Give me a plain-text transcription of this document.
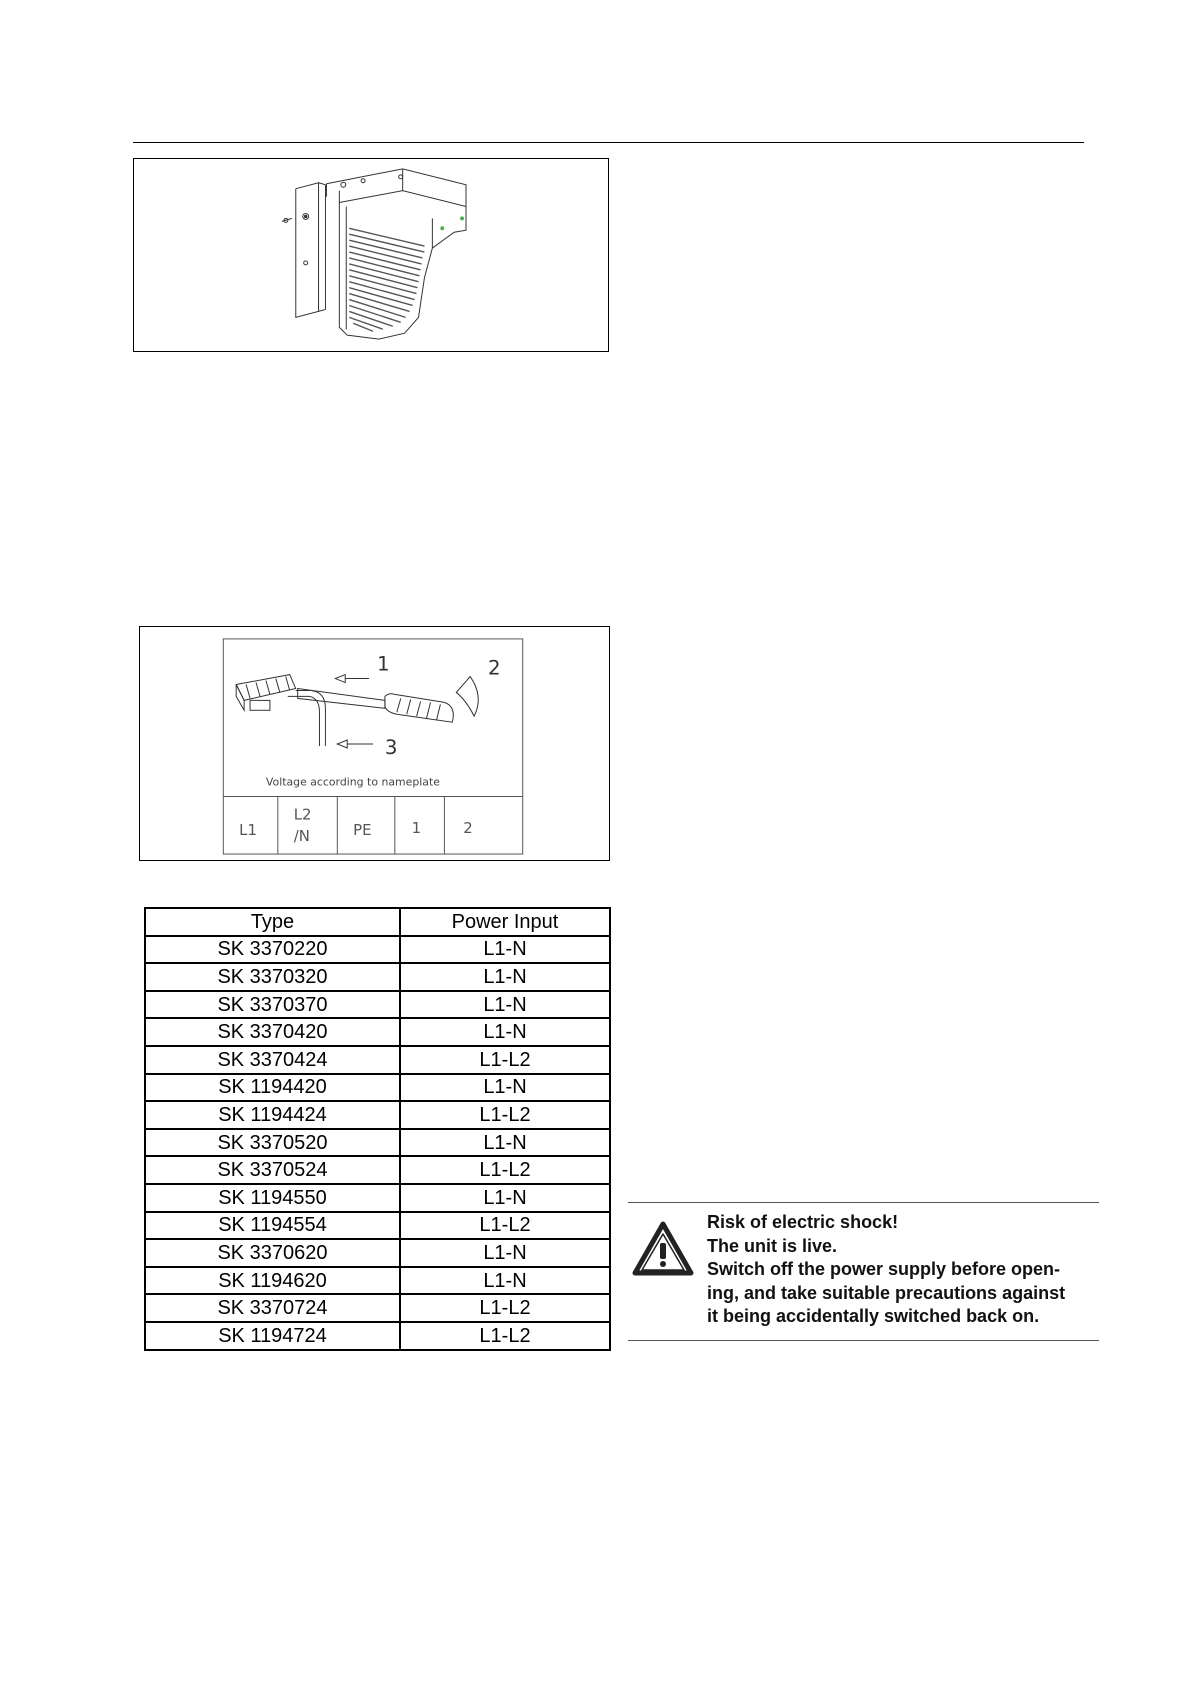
1	2
3
Voltage according to nameplate
L1
L2
/N	PE	1	2
Type	Power Input
SK 3370220	L1-N
SK 3370320	L1-N
SK 3370370	L1-N
SK 3370420	L1-N
SK 3370424	L1-L2
SK 1194420	L1-N
SK 1194424	L1-L2
SK 3370520	L1-N
SK 3370524	L1-L2
SK 1194550	L1-N
SK 1194554	L1-L2
SK 3370620	L1-N
SK 1194620	L1-N
SK 3370724	L1-L2
SK 1194724	L1-L2
Risk of electric shock!
The unit is live.
Switch off the power supply before open-
ing, and take suitable precautions against
it being accidentally switched back on.
